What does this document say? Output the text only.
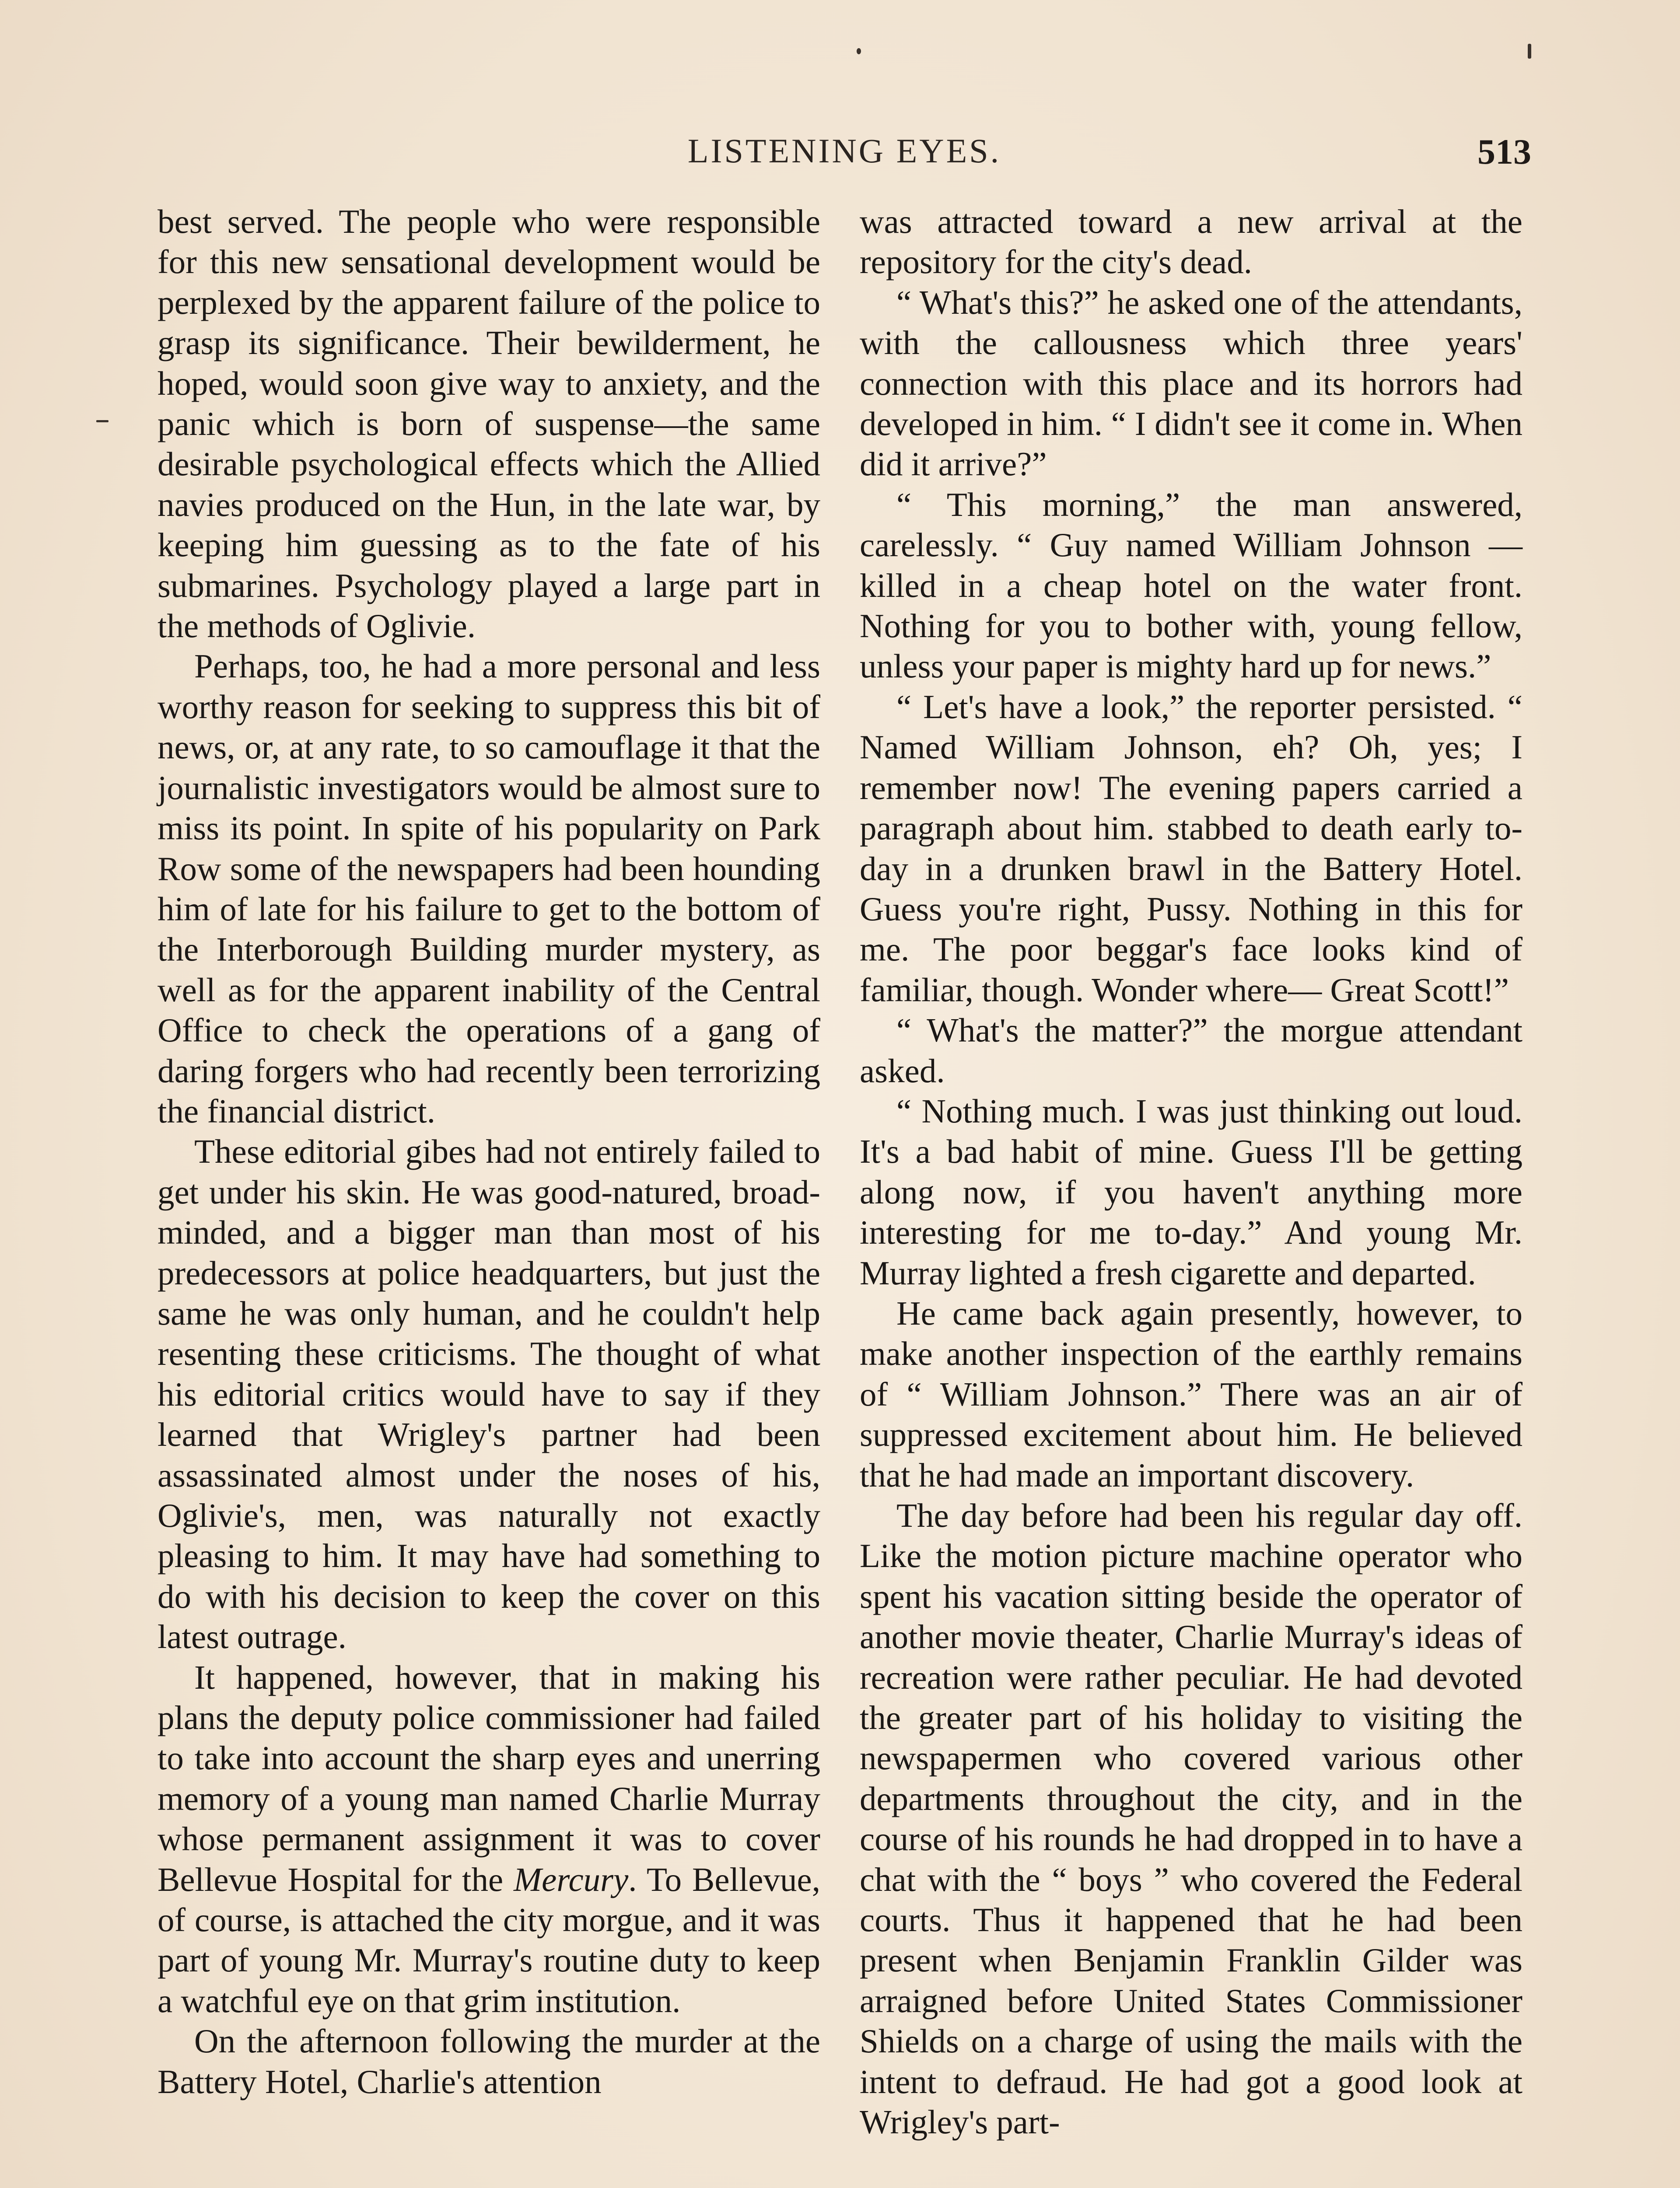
LISTENING EYES.	513

best served. The people who were responsible for this new sensational development would be perplexed by the apparent failure of the police to grasp its significance. Their bewilderment, he hoped, would soon give way to anxiety, and the panic which is born of suspense—the same desirable psychological effects which the Allied navies produced on the Hun, in the late war, by keeping him guessing as to the fate of his submarines. Psychology played a large part in the methods of Oglivie.

Perhaps, too, he had a more personal and less worthy reason for seeking to suppress this bit of news, or, at any rate, to so camouflage it that the journalistic investigators would be almost sure to miss its point. In spite of his popularity on Park Row some of the newspapers had been hounding him of late for his failure to get to the bottom of the Interborough Building murder mystery, as well as for the apparent inability of the Central Office to check the operations of a gang of daring forgers who had recently been terrorizing the financial district.

These editorial gibes had not entirely failed to get under his skin. He was good-natured, broad-minded, and a bigger man than most of his predecessors at police headquarters, but just the same he was only human, and he couldn't help resenting these criticisms. The thought of what his editorial critics would have to say if they learned that Wrigley's partner had been assassinated almost under the noses of his, Oglivie's, men, was naturally not exactly pleasing to him. It may have had something to do with his decision to keep the cover on this latest outrage.

It happened, however, that in making his plans the deputy police commissioner had failed to take into account the sharp eyes and unerring memory of a young man named Charlie Murray whose permanent assignment it was to cover Bellevue Hospital for the Mercury. To Bellevue, of course, is attached the city morgue, and it was part of young Mr. Murray's routine duty to keep a watchful eye on that grim institution.

On the afternoon following the murder at the Battery Hotel, Charlie's attention

was attracted toward a new arrival at the repository for the city's dead.

“ What's this?” he asked one of the attendants, with the callousness which three years' connection with this place and its horrors had developed in him. “ I didn't see it come in. When did it arrive?”

“ This morning,” the man answered, carelessly. “ Guy named William Johnson —killed in a cheap hotel on the water front. Nothing for you to bother with, young fellow, unless your paper is mighty hard up for news.”

“ Let's have a look,” the reporter persisted. “ Named William Johnson, eh? Oh, yes; I remember now! The evening papers carried a paragraph about him. stabbed to death early to-day in a drunken brawl in the Battery Hotel. Guess you're right, Pussy. Nothing in this for me. The poor beggar's face looks kind of familiar, though. Wonder where— Great Scott!”

“ What's the matter?” the morgue attendant asked.

“ Nothing much. I was just thinking out loud. It's a bad habit of mine. Guess I'll be getting along now, if you haven't anything more interesting for me to-day.” And young Mr. Murray lighted a fresh cigarette and departed.

He came back again presently, however, to make another inspection of the earthly remains of “ William Johnson.” There was an air of suppressed excitement about him. He believed that he had made an important discovery.

The day before had been his regular day off. Like the motion picture machine operator who spent his vacation sitting beside the operator of another movie theater, Charlie Murray's ideas of recreation were rather peculiar. He had devoted the greater part of his holiday to visiting the newspapermen who covered various other departments throughout the city, and in the course of his rounds he had dropped in to have a chat with the “ boys ” who covered the Federal courts. Thus it happened that he had been present when Benjamin Franklin Gilder was arraigned before United States Commissioner Shields on a charge of using the mails with the intent to defraud. He had got a good look at Wrigley's part-
